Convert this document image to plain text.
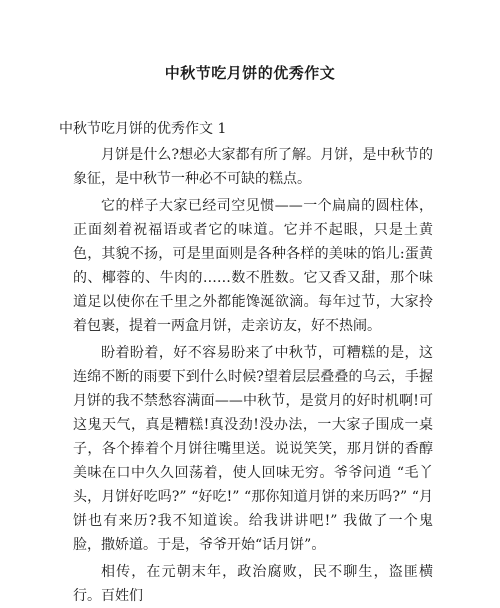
中秋节吃月饼的优秀作文

中秋节吃月饼的优秀作文 1

月饼是什么?想必大家都有所了解。月饼，是中秋节的象征，是中秋节一种必不可缺的糕点。

它的样子大家已经司空见惯——一个扁扁的圆柱体，正面刻着祝福语或者它的味道。它并不起眼，只是土黄色，其貌不扬，可是里面则是各种各样的美味的馅儿:蛋黄的、椰蓉的、牛肉的……数不胜数。它又香又甜，那个味道足以使你在千里之外都能馋涎欲滴。每年过节，大家拎着包裹，提着一两盒月饼，走亲访友，好不热闹。

盼着盼着，好不容易盼来了中秋节，可糟糕的是，这连绵不断的雨要下到什么时候?望着层层叠叠的乌云，手握月饼的我不禁愁容满面——中秋节，是赏月的好时机啊!可这鬼天气，真是糟糕!真没劲!没办法，一大家子围成一桌子，各个捧着个月饼往嘴里送。说说笑笑，那月饼的香醇美味在口中久久回荡着，使人回味无穷。爷爷问逍 “毛丫头，月饼好吃吗?” “好吃!” “那你知道月饼的来历吗?” “月饼也有来历?我不知道诶。给我讲讲吧!” 我做了一个鬼脸，撒娇道。于是，爷爷开始“话月饼”。

相传，在元朝末年，政治腐败，民不聊生，盗匪横行。百姓们
